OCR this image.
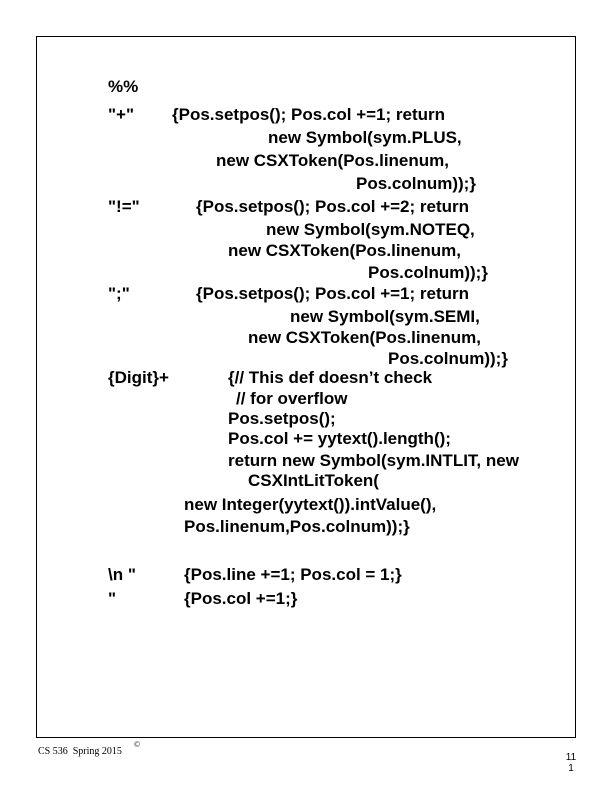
%%
"+" {Pos.setpos(); Pos.col +=1; return
new Symbol(sym.PLUS,
new CSXToken(Pos.linenum,
Pos.colnum));}
"!="	{Pos.setpos(); Pos.col +=2; return
new Symbol(sym.NOTEQ,
new CSXToken(Pos.linenum,
Pos.colnum));}
";"	{Pos.setpos(); Pos.col +=1; return
new Symbol(sym.SEMI,
new CSXToken(Pos.linenum,
Pos.colnum));}
{Digit}+	{// This def doesn’t check
// for overflow
Pos.setpos();
Pos.col += yytext().length();
return new Symbol(sym.INTLIT, new
CSXIntLitToken(
new Integer(yytext()).intValue(),
Pos.linenum,Pos.colnum));}
\n "	{Pos.line +=1; Pos.col = 1;}
"	{Pos.col +=1;}
CS 536  Spring 2015
©
11
1
